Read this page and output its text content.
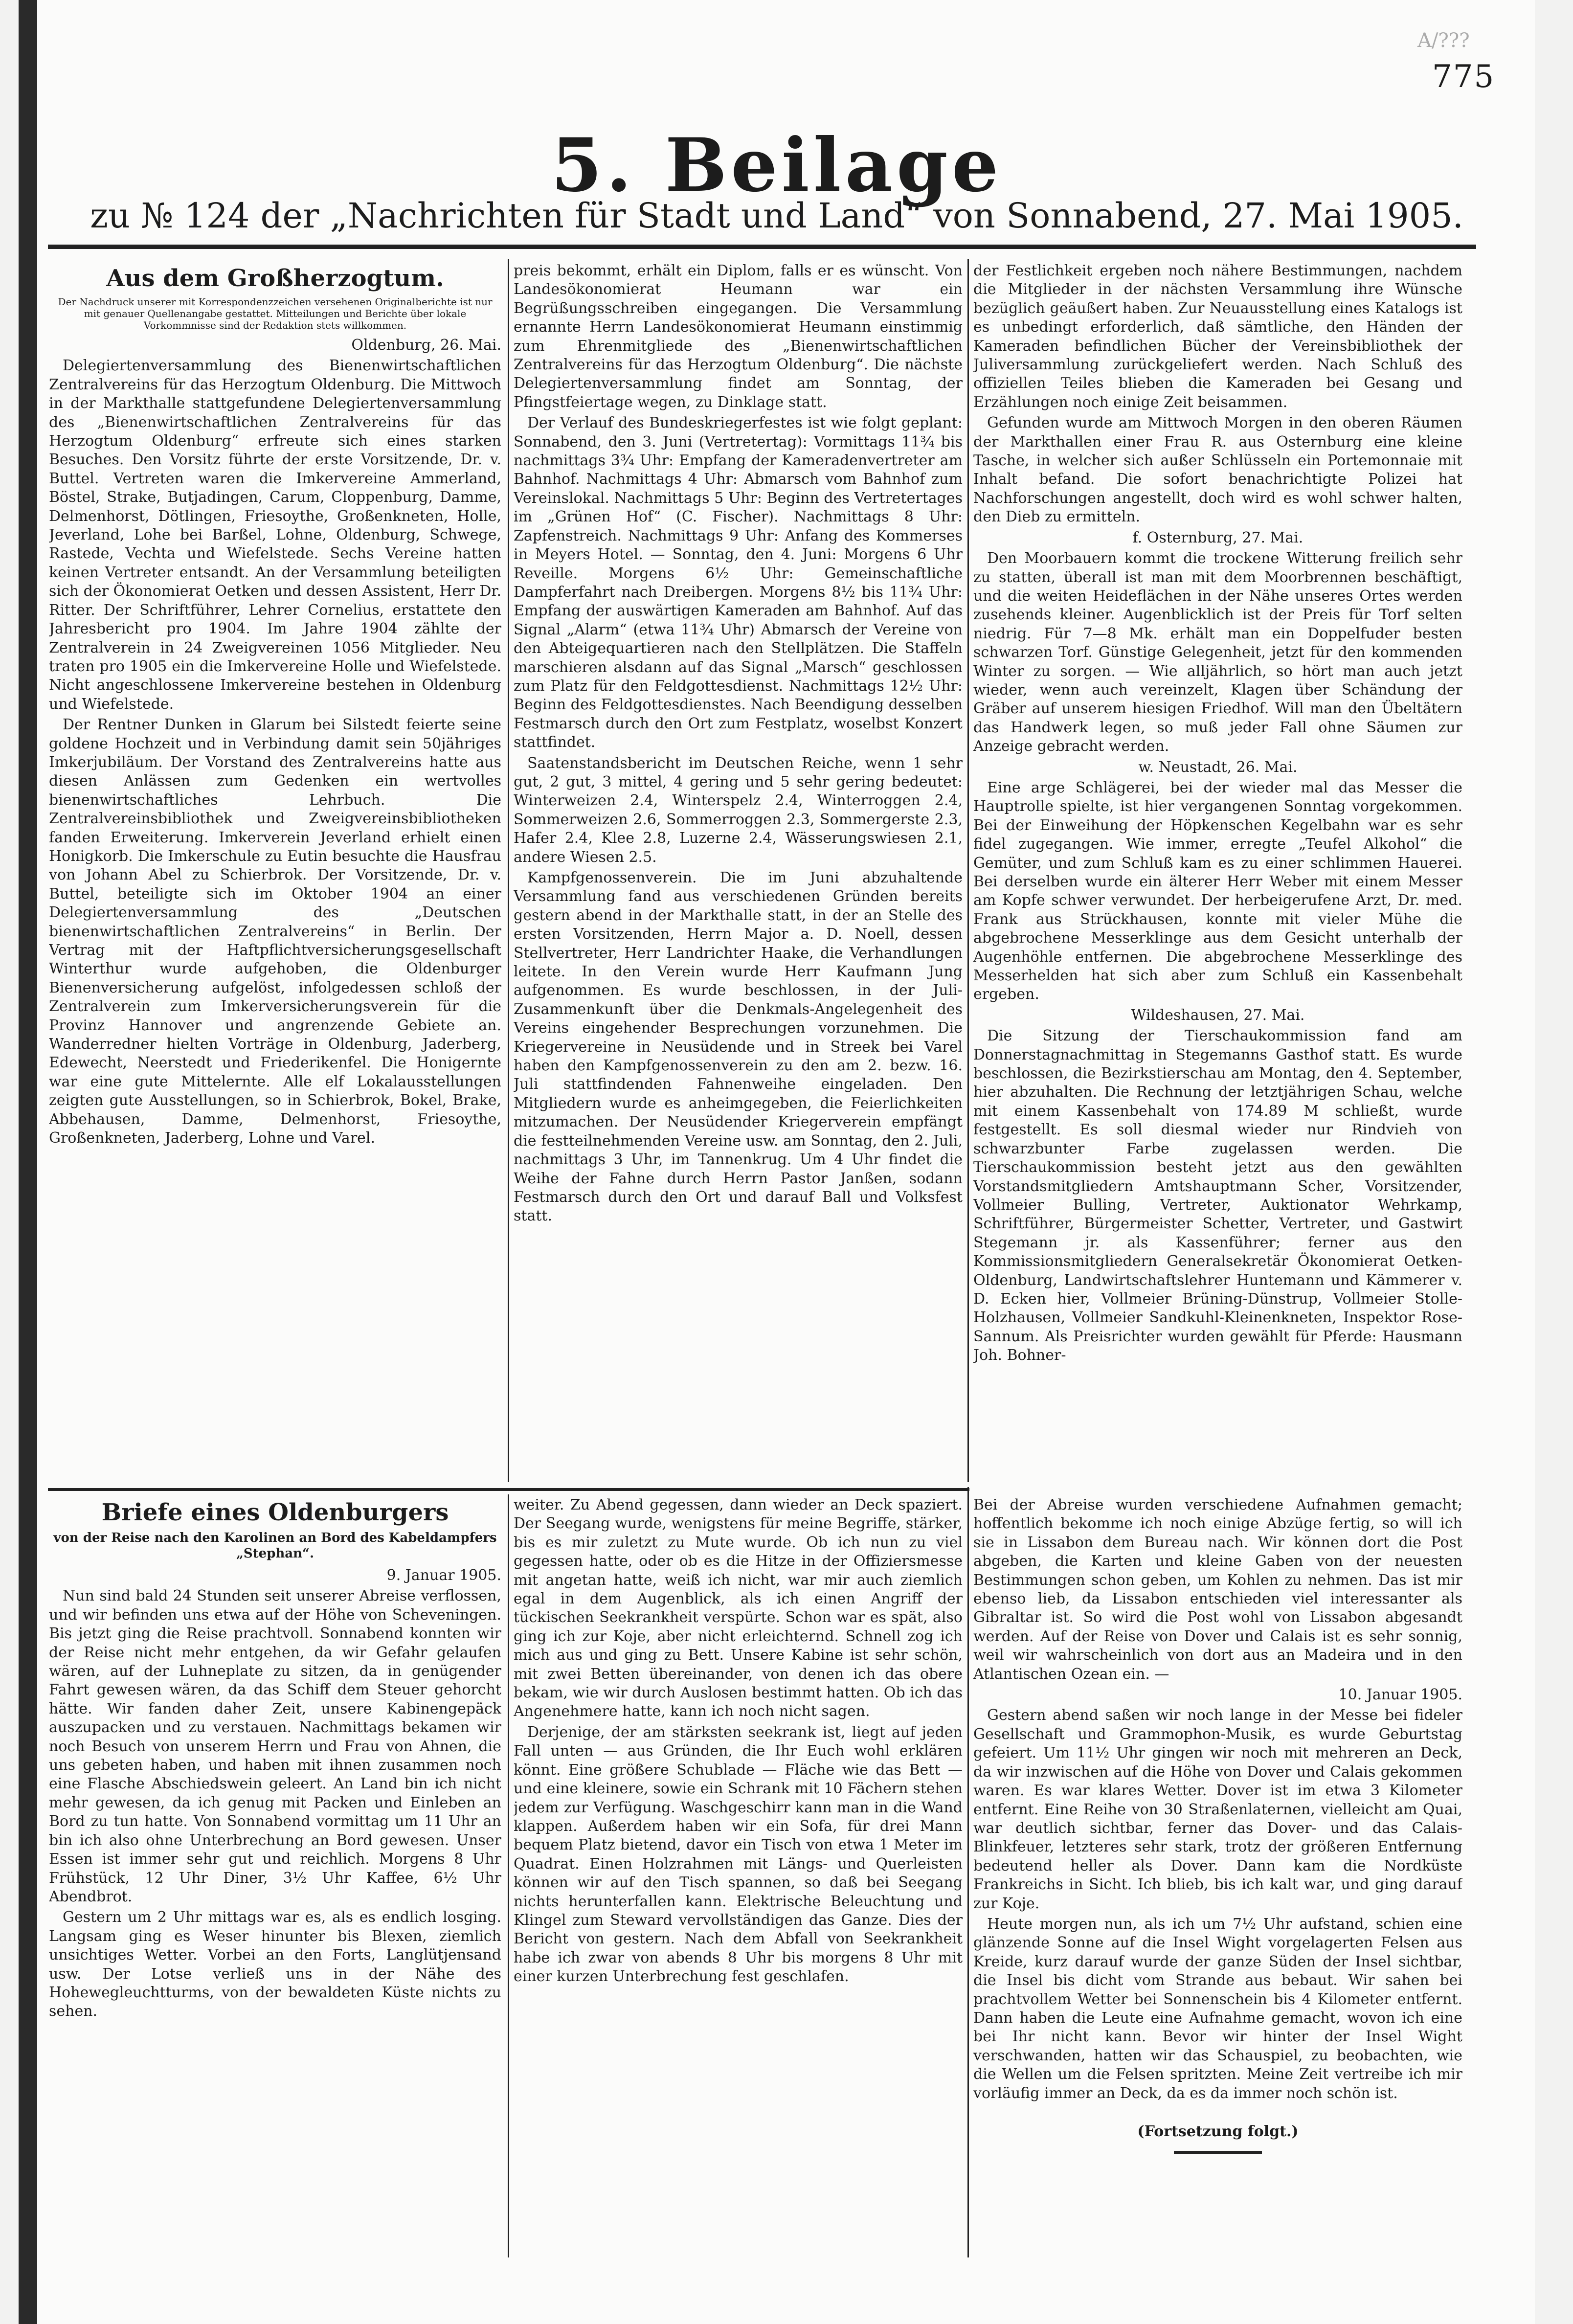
A/???
775
5. Beilage
zu № 124 der „Nachrichten für Stadt und Land“ von Sonnabend, 27. Mai 1905.
Aus dem Großherzogtum.
Der Nachdruck unserer mit Korrespondenzzeichen versehenen Originalberichte ist nur mit genauer Quellenangabe gestattet. Mitteilungen und Berichte über lokale Vorkommnisse sind der Redaktion stets willkommen.
Oldenburg, 26. Mai.

Delegiertenversammlung des Bienenwirtschaftlichen Zentralvereins für das Herzogtum Oldenburg. Die Mittwoch in der Markthalle stattgefundene Delegiertenversammlung des „Bienenwirtschaftlichen Zentralvereins für das Herzogtum Oldenburg“ erfreute sich eines starken Besuches. Den Vorsitz führte der erste Vorsitzende, Dr. v. Buttel. Vertreten waren die Imkervereine Ammerland, Böstel, Strake, Butjadingen, Carum, Cloppenburg, Damme, Delmenhorst, Dötlingen, Friesoythe, Großenkneten, Holle, Jeverland, Lohe bei Barßel, Lohne, Oldenburg, Schwege, Rastede, Vechta und Wiefelstede. Sechs Vereine hatten keinen Vertreter entsandt. An der Versammlung beteiligten sich der Ökonomierat Oetken und dessen Assistent, Herr Dr. Ritter. Der Schriftführer, Lehrer Cornelius, erstattete den Jahresbericht pro 1904. Im Jahre 1904 zählte der Zentralverein in 24 Zweigvereinen 1056 Mitglieder. Neu traten pro 1905 ein die Imkervereine Holle und Wiefelstede. Nicht angeschlossene Imkervereine bestehen in Oldenburg und Wiefelstede.

Der Rentner Dunken in Glarum bei Silstedt feierte seine goldene Hochzeit und in Verbindung damit sein 50jähriges Imkerjubiläum. Der Vorstand des Zentralvereins hatte aus diesen Anlässen zum Gedenken ein wertvolles bienenwirtschaftliches Lehrbuch. Die Zentralvereinsbibliothek und Zweigvereinsbibliotheken fanden Erweiterung. Imkerverein Jeverland erhielt einen Honigkorb. Die Imkerschule zu Eutin besuchte die Hausfrau von Johann Abel zu Schierbrok. Der Vorsitzende, Dr. v. Buttel, beteiligte sich im Oktober 1904 an einer Delegiertenversammlung des „Deutschen bienenwirtschaftlichen Zentralvereins“ in Berlin. Der Vertrag mit der Haftpflichtversicherungsgesellschaft Winterthur wurde aufgehoben, die Oldenburger Bienenversicherung aufgelöst, infolgedessen schloß der Zentralverein zum Imkerversicherungsverein für die Provinz Hannover und angrenzende Gebiete an. Wanderredner hielten Vorträge in Oldenburg, Jaderberg, Edewecht, Neerstedt und Friederikenfel. Die Honigernte war eine gute Mittelernte. Alle elf Lokalausstellungen zeigten gute Ausstellungen, so in Schierbrok, Bokel, Brake, Abbehausen, Damme, Delmenhorst, Friesoythe, Großenkneten, Jaderberg, Lohne und Varel.

preis bekommt, erhält ein Diplom, falls er es wünscht. Von Landesökonomierat Heumann war ein Begrüßungsschreiben eingegangen. Die Versammlung ernannte Herrn Landesökonomierat Heumann einstimmig zum Ehrenmitgliede des „Bienenwirtschaftlichen Zentralvereins für das Herzogtum Oldenburg“. Die nächste Delegiertenversammlung findet am Sonntag, der Pfingstfeiertage wegen, zu Dinklage statt.

Der Verlauf des Bundeskriegerfestes ist wie folgt geplant: Sonnabend, den 3. Juni (Vertretertag): Vormittags 11¾ bis nachmittags 3¾ Uhr: Empfang der Kameradenvertreter am Bahnhof. Nachmittags 4 Uhr: Abmarsch vom Bahnhof zum Vereinslokal. Nachmittags 5 Uhr: Beginn des Vertretertages im „Grünen Hof“ (C. Fischer). Nachmittags 8 Uhr: Zapfenstreich. Nachmittags 9 Uhr: Anfang des Kommerses in Meyers Hotel. — Sonntag, den 4. Juni: Morgens 6 Uhr Reveille. Morgens 6½ Uhr: Gemeinschaftliche Dampferfahrt nach Dreibergen. Morgens 8½ bis 11¾ Uhr: Empfang der auswärtigen Kameraden am Bahnhof. Auf das Signal „Alarm“ (etwa 11¾ Uhr) Abmarsch der Vereine von den Abteigequartieren nach den Stellplätzen. Die Staffeln marschieren alsdann auf das Signal „Marsch“ geschlossen zum Platz für den Feldgottesdienst. Nachmittags 12½ Uhr: Beginn des Feldgottesdienstes. Nach Beendigung desselben Festmarsch durch den Ort zum Festplatz, woselbst Konzert stattfindet.

Saatenstandsbericht im Deutschen Reiche, wenn 1 sehr gut, 2 gut, 3 mittel, 4 gering und 5 sehr gering bedeutet: Winterweizen 2.4, Winterspelz 2.4, Winterroggen 2.4, Sommerweizen 2.6, Sommerroggen 2.3, Sommergerste 2.3, Hafer 2.4, Klee 2.8, Luzerne 2.4, Wässerungswiesen 2.1, andere Wiesen 2.5.

Kampfgenossenverein. Die im Juni abzuhaltende Versammlung fand aus verschiedenen Gründen bereits gestern abend in der Markthalle statt, in der an Stelle des ersten Vorsitzenden, Herrn Major a. D. Noell, dessen Stellvertreter, Herr Landrichter Haake, die Verhandlungen leitete. In den Verein wurde Herr Kaufmann Jung aufgenommen. Es wurde beschlossen, in der Juli-Zusammenkunft über die Denkmals-Angelegenheit des Vereins eingehender Besprechungen vorzunehmen. Die Kriegervereine in Neusüdende und in Streek bei Varel haben den Kampfgenossenverein zu den am 2. bezw. 16. Juli stattfindenden Fahnenweihe eingeladen. Den Mitgliedern wurde es anheimgegeben, die Feierlichkeiten mitzumachen. Der Neusüdender Kriegerverein empfängt die festteilnehmenden Vereine usw. am Sonntag, den 2. Juli, nachmittags 3 Uhr, im Tannenkrug. Um 4 Uhr findet die Weihe der Fahne durch Herrn Pastor Janßen, sodann Festmarsch durch den Ort und darauf Ball und Volksfest statt.

der Festlichkeit ergeben noch nähere Bestimmungen, nachdem die Mitglieder in der nächsten Versammlung ihre Wünsche bezüglich geäußert haben. Zur Neuausstellung eines Katalogs ist es unbedingt erforderlich, daß sämtliche, den Händen der Kameraden befindlichen Bücher der Vereinsbibliothek der Juliversammlung zurückgeliefert werden. Nach Schluß des offiziellen Teiles blieben die Kameraden bei Gesang und Erzählungen noch einige Zeit beisammen.

Gefunden wurde am Mittwoch Morgen in den oberen Räumen der Markthallen einer Frau R. aus Osternburg eine kleine Tasche, in welcher sich außer Schlüsseln ein Portemonnaie mit Inhalt befand. Die sofort benachrichtigte Polizei hat Nachforschungen angestellt, doch wird es wohl schwer halten, den Dieb zu ermitteln.

f. Osternburg, 27. Mai.

Den Moorbauern kommt die trockene Witterung freilich sehr zu statten, überall ist man mit dem Moorbrennen beschäftigt, und die weiten Heideflächen in der Nähe unseres Ortes werden zusehends kleiner. Augenblicklich ist der Preis für Torf selten niedrig. Für 7—8 Mk. erhält man ein Doppelfuder besten schwarzen Torf. Günstige Gelegenheit, jetzt für den kommenden Winter zu sorgen. — Wie alljährlich, so hört man auch jetzt wieder, wenn auch vereinzelt, Klagen über Schändung der Gräber auf unserem hiesigen Friedhof. Will man den Übeltätern das Handwerk legen, so muß jeder Fall ohne Säumen zur Anzeige gebracht werden.

w. Neustadt, 26. Mai.

Eine arge Schlägerei, bei der wieder mal das Messer die Hauptrolle spielte, ist hier vergangenen Sonntag vorgekommen. Bei der Einweihung der Höpkenschen Kegelbahn war es sehr fidel zugegangen. Wie immer, erregte „Teufel Alkohol“ die Gemüter, und zum Schluß kam es zu einer schlimmen Hauerei. Bei derselben wurde ein älterer Herr Weber mit einem Messer am Kopfe schwer verwundet. Der herbeigerufene Arzt, Dr. med. Frank aus Strückhausen, konnte mit vieler Mühe die abgebrochene Messerklinge aus dem Gesicht unterhalb der Augenhöhle entfernen. Die abgebrochene Messerklinge des Messerhelden hat sich aber zum Schluß ein Kassenbehalt ergeben.

Wildeshausen, 27. Mai.

Die Sitzung der Tierschaukommission fand am Donnerstagnachmittag in Stegemanns Gasthof statt. Es wurde beschlossen, die Bezirkstierschau am Montag, den 4. September, hier abzuhalten. Die Rechnung der letztjährigen Schau, welche mit einem Kassenbehalt von 174.89 M schließt, wurde festgestellt. Es soll diesmal wieder nur Rindvieh von schwarzbunter Farbe zugelassen werden. Die Tierschaukommission besteht jetzt aus den gewählten Vorstandsmitgliedern Amtshauptmann Scher, Vorsitzender, Vollmeier Bulling, Vertreter, Auktionator Wehrkamp, Schriftführer, Bürgermeister Schetter, Vertreter, und Gastwirt Stegemann jr. als Kassenführer; ferner aus den Kommissionsmitgliedern Generalsekretär Ökonomierat Oetken-Oldenburg, Landwirtschaftslehrer Huntemann und Kämmerer v. D. Ecken hier, Vollmeier Brüning-Dünstrup, Vollmeier Stolle-Holzhausen, Vollmeier Sandkuhl-Kleinenkneten, Inspektor Rose-Sannum. Als Preisrichter wurden gewählt für Pferde: Hausmann Joh. Bohner-

Briefe eines Oldenburgers
von der Reise nach den Karolinen an Bord des Kabeldampfers „Stephan“.
9. Januar 1905.

Nun sind bald 24 Stunden seit unserer Abreise verflossen, und wir befinden uns etwa auf der Höhe von Scheveningen. Bis jetzt ging die Reise prachtvoll. Sonnabend konnten wir der Reise nicht mehr entgehen, da wir Gefahr gelaufen wären, auf der Luhneplate zu sitzen, da in genügender Fahrt gewesen wären, da das Schiff dem Steuer gehorcht hätte. Wir fanden daher Zeit, unsere Kabinengepäck auszupacken und zu verstauen. Nachmittags bekamen wir noch Besuch von unserem Herrn und Frau von Ahnen, die uns gebeten haben, und haben mit ihnen zusammen noch eine Flasche Abschiedswein geleert. An Land bin ich nicht mehr gewesen, da ich genug mit Packen und Einleben an Bord zu tun hatte. Von Sonnabend vormittag um 11 Uhr an bin ich also ohne Unterbrechung an Bord gewesen. Unser Essen ist immer sehr gut und reichlich. Morgens 8 Uhr Frühstück, 12 Uhr Diner, 3½ Uhr Kaffee, 6½ Uhr Abendbrot.

Gestern um 2 Uhr mittags war es, als es endlich losging. Langsam ging es Weser hinunter bis Blexen, ziemlich unsichtiges Wetter. Vorbei an den Forts, Langlütjensand usw. Der Lotse verließ uns in der Nähe des Hohewegleuchtturms, von der bewaldeten Küste nichts zu sehen.

weiter. Zu Abend gegessen, dann wieder an Deck spaziert. Der Seegang wurde, wenigstens für meine Begriffe, stärker, bis es mir zuletzt zu Mute wurde. Ob ich nun zu viel gegessen hatte, oder ob es die Hitze in der Offiziersmesse mit angetan hatte, weiß ich nicht, war mir auch ziemlich egal in dem Augenblick, als ich einen Angriff der tückischen Seekrankheit verspürte. Schon war es spät, also ging ich zur Koje, aber nicht erleichternd. Schnell zog ich mich aus und ging zu Bett. Unsere Kabine ist sehr schön, mit zwei Betten übereinander, von denen ich das obere bekam, wie wir durch Auslosen bestimmt hatten. Ob ich das Angenehmere hatte, kann ich noch nicht sagen.

Derjenige, der am stärksten seekrank ist, liegt auf jeden Fall unten — aus Gründen, die Ihr Euch wohl erklären könnt. Eine größere Schublade — Fläche wie das Bett — und eine kleinere, sowie ein Schrank mit 10 Fächern stehen jedem zur Verfügung. Waschgeschirr kann man in die Wand klappen. Außerdem haben wir ein Sofa, für drei Mann bequem Platz bietend, davor ein Tisch von etwa 1 Meter im Quadrat. Einen Holzrahmen mit Längs- und Querleisten können wir auf den Tisch spannen, so daß bei Seegang nichts herunterfallen kann. Elektrische Beleuchtung und Klingel zum Steward vervollständigen das Ganze. Dies der Bericht von gestern. Nach dem Abfall von Seekrankheit habe ich zwar von abends 8 Uhr bis morgens 8 Uhr mit einer kurzen Unterbrechung fest geschlafen.

Bei der Abreise wurden verschiedene Aufnahmen gemacht; hoffentlich bekomme ich noch einige Abzüge fertig, so will ich sie in Lissabon dem Bureau nach. Wir können dort die Post abgeben, die Karten und kleine Gaben von der neuesten Bestimmungen schon geben, um Kohlen zu nehmen. Das ist mir ebenso lieb, da Lissabon entschieden viel interessanter als Gibraltar ist. So wird die Post wohl von Lissabon abgesandt werden. Auf der Reise von Dover und Calais ist es sehr sonnig, weil wir wahrscheinlich von dort aus an Madeira und in den Atlantischen Ozean ein. —

10. Januar 1905.

Gestern abend saßen wir noch lange in der Messe bei fideler Gesellschaft und Grammophon-Musik, es wurde Geburtstag gefeiert. Um 11½ Uhr gingen wir noch mit mehreren an Deck, da wir inzwischen auf die Höhe von Dover und Calais gekommen waren. Es war klares Wetter. Dover ist im etwa 3 Kilometer entfernt. Eine Reihe von 30 Straßenlaternen, vielleicht am Quai, war deutlich sichtbar, ferner das Dover- und das Calais-Blinkfeuer, letzteres sehr stark, trotz der größeren Entfernung bedeutend heller als Dover. Dann kam die Nordküste Frankreichs in Sicht. Ich blieb, bis ich kalt war, und ging darauf zur Koje.

Heute morgen nun, als ich um 7½ Uhr aufstand, schien eine glänzende Sonne auf die Insel Wight vorgelagerten Felsen aus Kreide, kurz darauf wurde der ganze Süden der Insel sichtbar, die Insel bis dicht vom Strande aus bebaut. Wir sahen bei prachtvollem Wetter bei Sonnenschein bis 4 Kilometer entfernt. Dann haben die Leute eine Aufnahme gemacht, wovon ich eine bei Ihr nicht kann. Bevor wir hinter der Insel Wight verschwanden, hatten wir das Schauspiel, zu beobachten, wie die Wellen um die Felsen spritzten. Meine Zeit vertreibe ich mir vorläufig immer an Deck, da es da immer noch schön ist.

(Fortsetzung folgt.)
